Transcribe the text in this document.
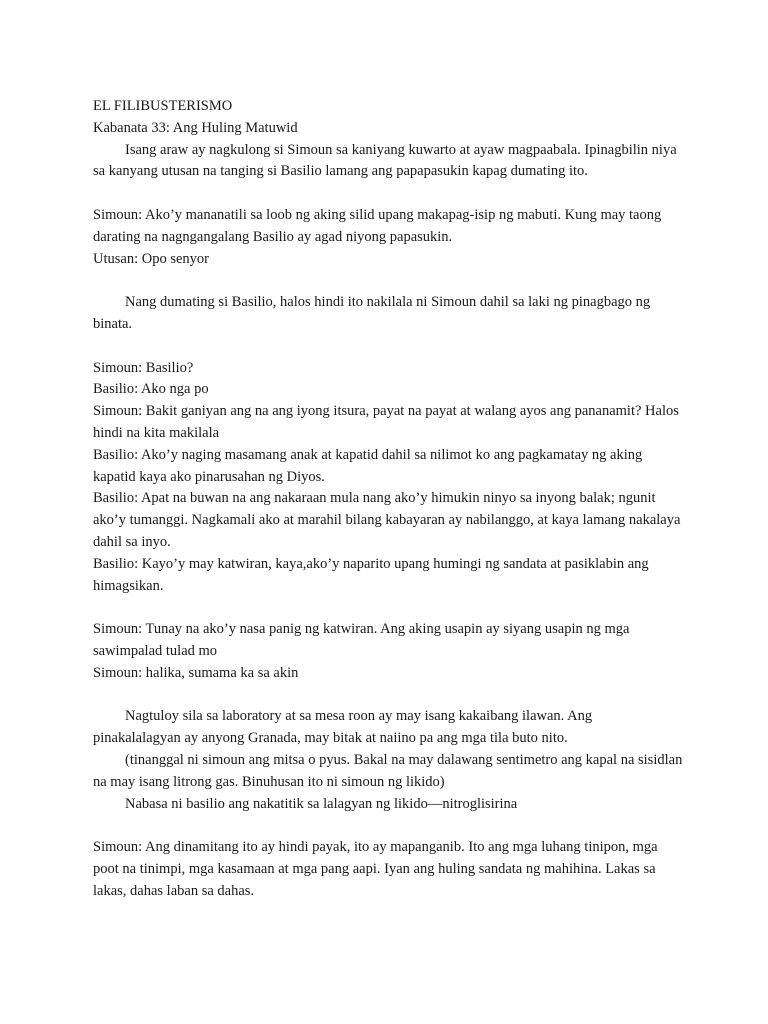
EL FILIBUSTERISMO
Kabanata 33: Ang Huling Matuwid

Isang araw ay nagkulong si Simoun sa kaniyang kuwarto at ayaw magpaabala. Ipinagbilin niya sa kanyang utusan na tanging si Basilio lamang ang papapasukin kapag dumating ito.

Simoun: Ako’y mananatili sa loob ng aking silid upang makapag-isip ng mabuti. Kung may taong darating na nagngangalang Basilio ay agad niyong papasukin.

Utusan: Opo senyor

Nang dumating si Basilio, halos hindi ito nakilala ni Simoun dahil sa laki ng pinagbago ng binata.

Simoun: Basilio?

Basilio: Ako nga po

Simoun: Bakit ganiyan ang na ang iyong itsura, payat na payat at walang ayos ang pananamit? Halos hindi na kita makilala

Basilio: Ako’y naging masamang anak at kapatid dahil sa nilimot ko ang pagkamatay ng aking kapatid kaya ako pinarusahan ng Diyos.

Basilio: Apat na buwan na ang nakaraan mula nang ako’y himukin ninyo sa inyong balak; ngunit ako’y tumanggi. Nagkamali ako at marahil bilang kabayaran ay nabilanggo, at kaya lamang nakalaya dahil sa inyo.

Basilio: Kayo’y may katwiran, kaya,ako’y naparito upang humingi ng sandata at pasiklabin ang himagsikan.

Simoun: Tunay na ako’y nasa panig ng katwiran. Ang aking usapin ay siyang usapin ng mga sawimpalad tulad mo

Simoun: halika, sumama ka sa akin

Nagtuloy sila sa laboratory at sa mesa roon ay may isang kakaibang ilawan. Ang pinakalalagyan ay anyong Granada, may bitak at naiino pa ang mga tila buto nito.

(tinanggal ni simoun ang mitsa o pyus. Bakal na may dalawang sentimetro ang kapal na sisidlan na may isang litrong gas. Binuhusan ito ni simoun ng likido)

Nabasa ni basilio ang nakatitik sa lalagyan ng likido—nitroglisirina

Simoun: Ang dinamitang ito ay hindi payak, ito ay mapanganib. Ito ang mga luhang tinipon, mga poot na tinimpi, mga kasamaan at mga pang aapi. Iyan ang huling sandata ng mahihina. Lakas sa lakas, dahas laban sa dahas.
